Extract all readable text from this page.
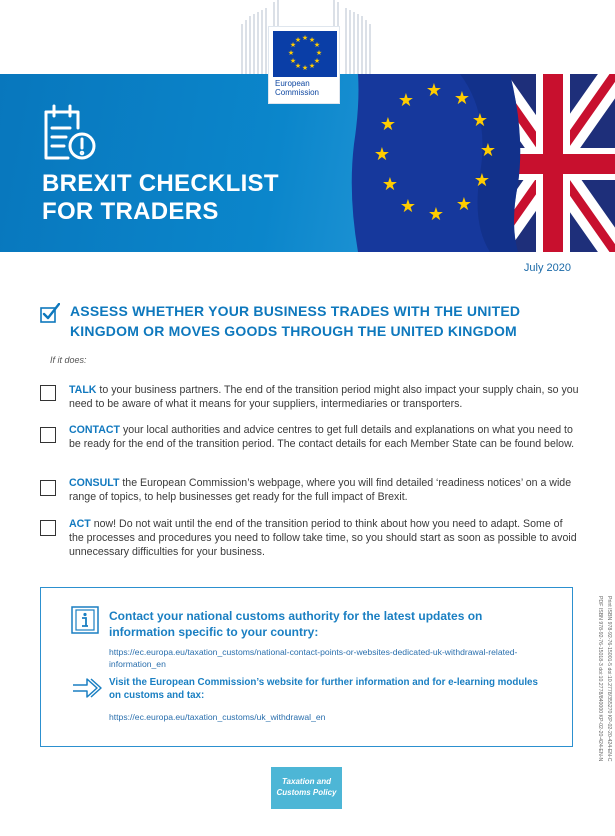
★ ★
★
★
★
★
★
★
★
★
★
★
BREXIT CHECKLIST
FOR TRADERS
★ ★
★
★
★
★
★
★
★
★
★
★
European
Commission
July 2020
ASSESS WHETHER YOUR BUSINESS TRADES WITH THE UNITED
KINGDOM OR MOVES GOODS THROUGH THE UNITED KINGDOM
If it does:
TALK to your business partners. The end of the transition period might also impact your supply chain, so you need to be aware of what it means for your suppliers, intermediaries or transporters.
CONTACT your local authorities and advice centres to get full details and explanations on what you need to be ready for the end of the transition period. The contact details for each Member State can be found below.
CONSULT the European Commission’s webpage, where you will find detailed ‘readiness notices’ on a wide range of topics, to help businesses get ready for the full impact of Brexit.
ACT now! Do not wait until the end of the transition period to think about how you need to adapt. Some of the processes and procedures you need to follow take time, so you should start as soon as possible to avoid unnecessary difficulties for your business.
Contact your national customs authority for the latest updates on information specific to your country:
https://ec.europa.eu/taxation_customs/national-contact-points-or-websites-dedicated-uk-withdrawal-related-information_en
Visit the European Commission’s website for further information and for e-learning modules on customs and tax:
https://ec.europa.eu/taxation_customs/uk_withdrawal_en
Taxation and
Customs Policy
Print ISBN 978-92-76-15001-5 doi:10.2778/355270 KP-02-20-424-EN-C
PDF ISBN 978-92-76-15018-3 doi:10.2778/840000 KP-02-20-424-EN-N
